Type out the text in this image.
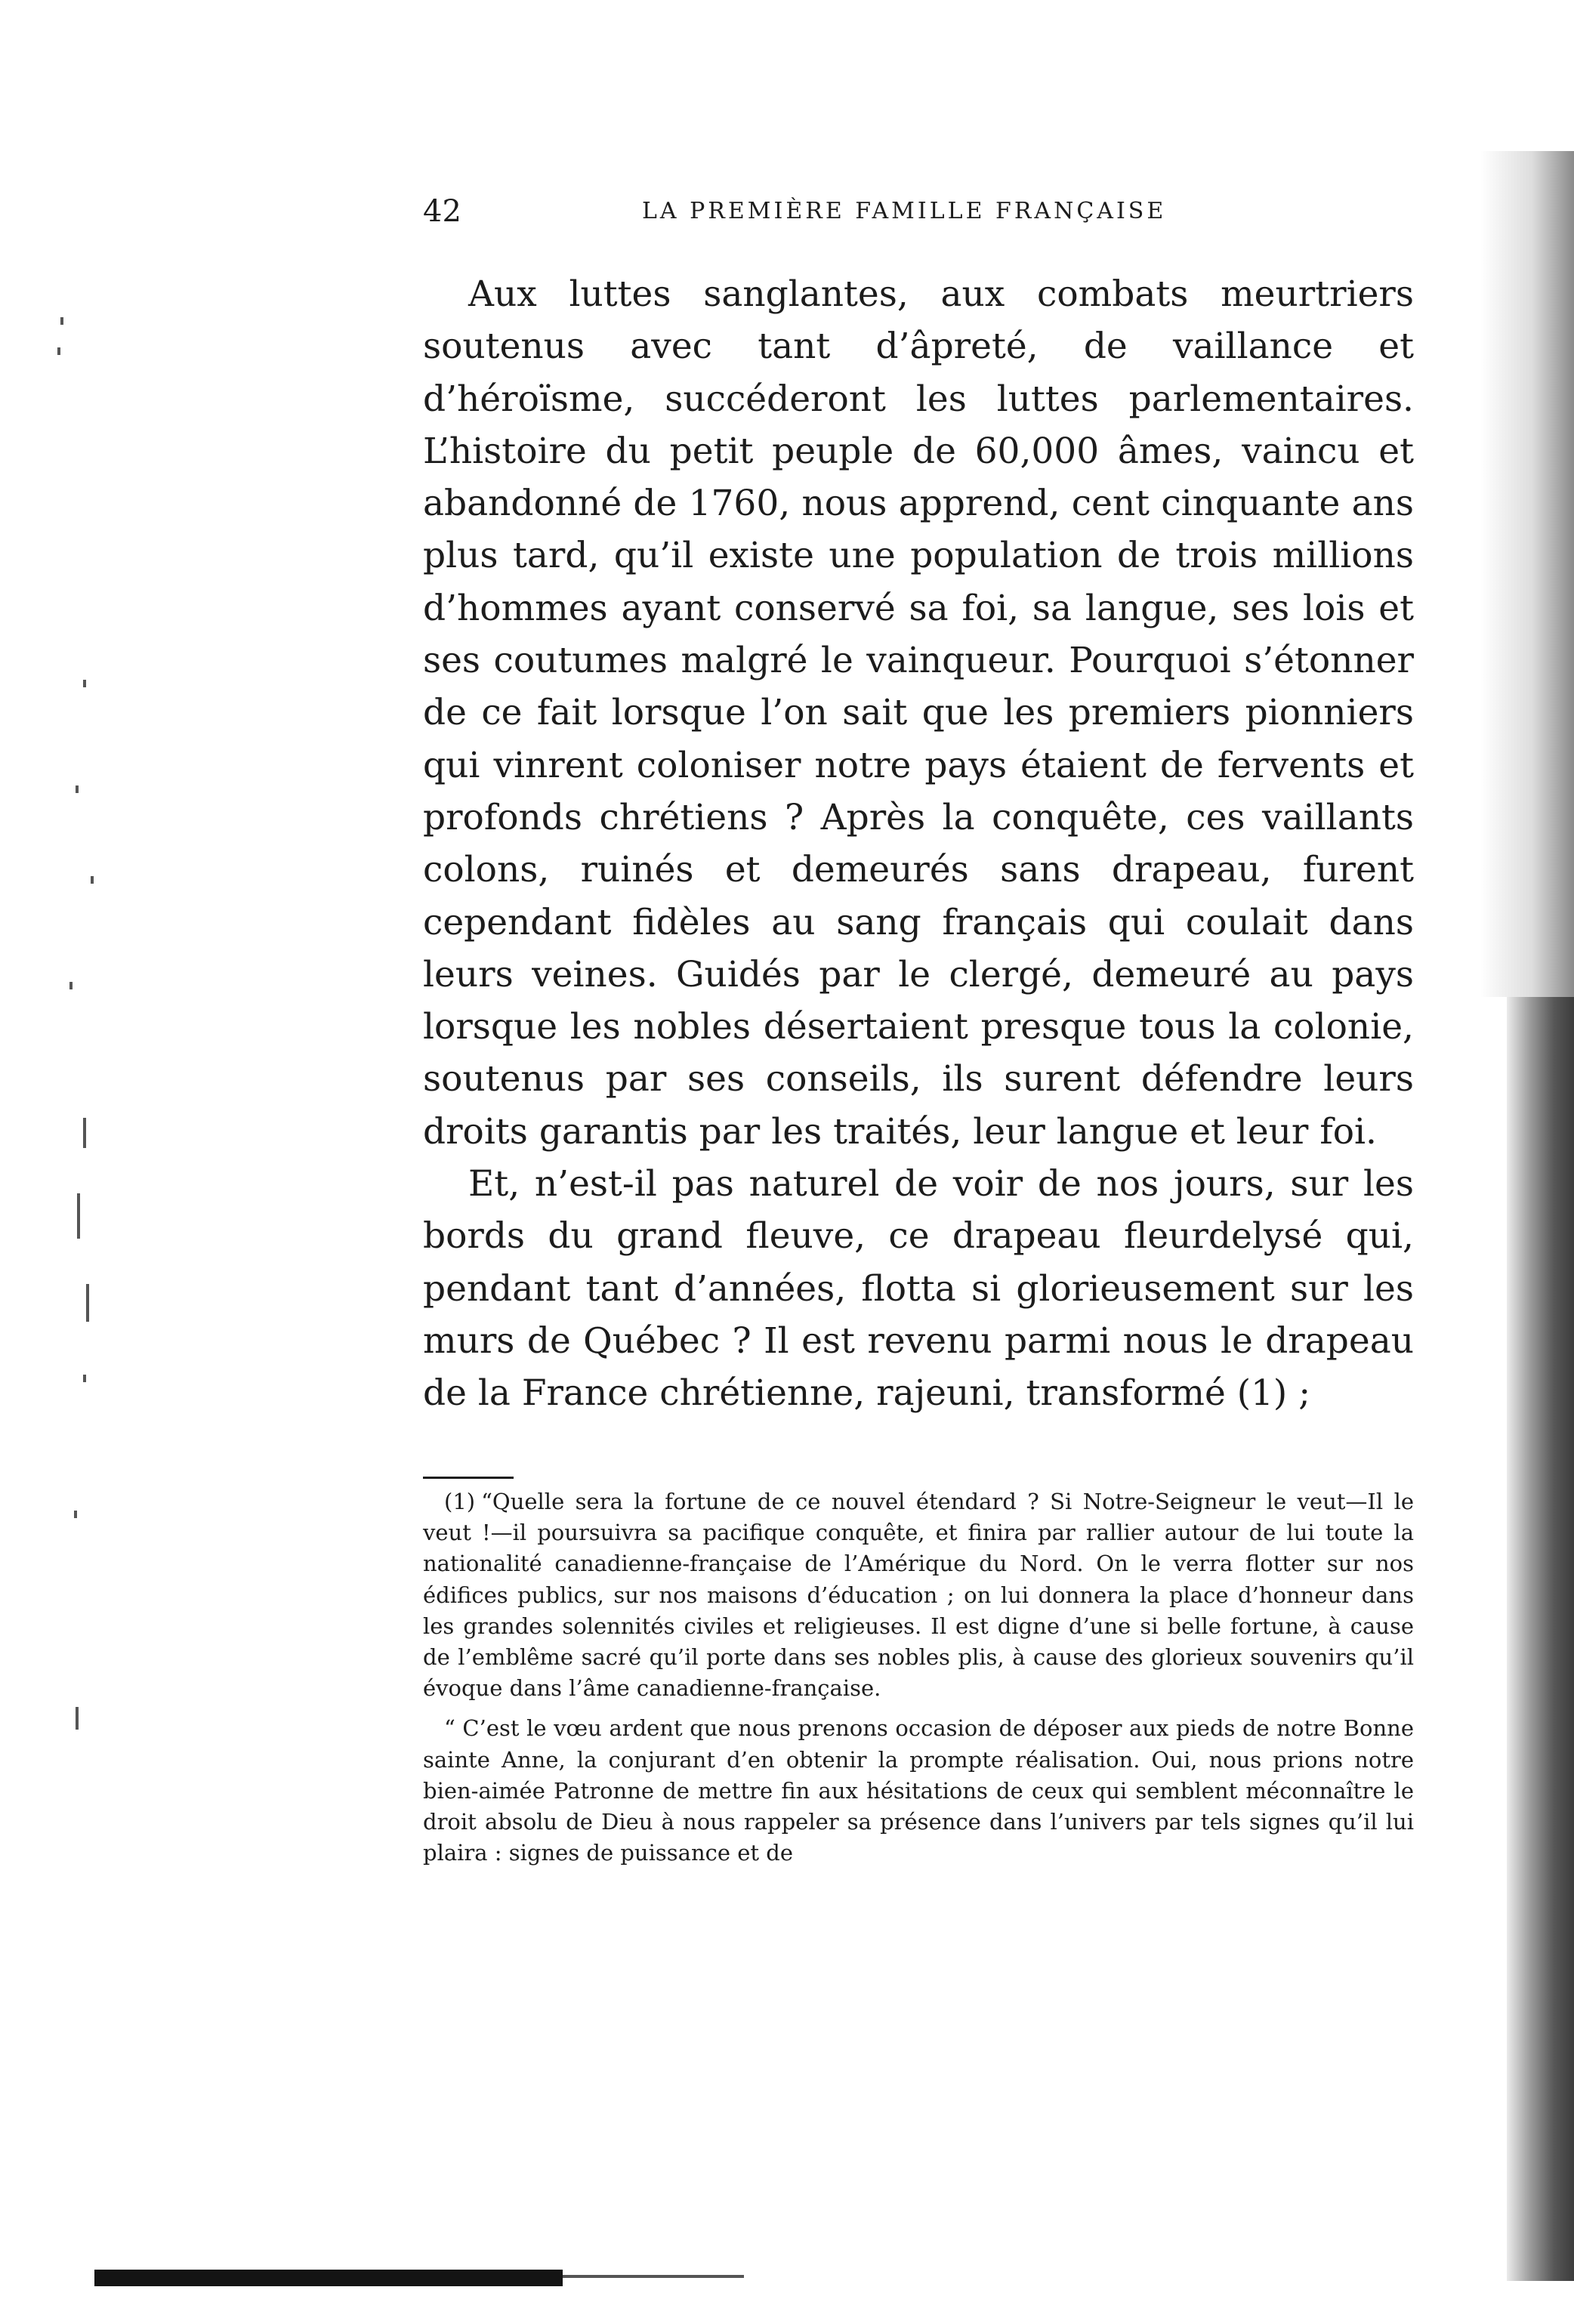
42	LA PREMIÈRE FAMILLE FRANÇAISE

Aux luttes sanglantes, aux combats meurtriers soutenus avec tant d’âpreté, de vaillance et d’héroïsme, succéderont les luttes parlementaires. L’histoire du petit peuple de 60,000 âmes, vaincu et abandonné de 1760, nous apprend, cent cinquante ans plus tard, qu’il existe une population de trois millions d’hommes ayant conservé sa foi, sa langue, ses lois et ses coutumes malgré le vainqueur. Pourquoi s’étonner de ce fait lorsque l’on sait que les premiers pionniers qui vinrent coloniser notre pays étaient de fervents et profonds chrétiens ? Après la conquête, ces vaillants colons, ruinés et demeurés sans drapeau, furent cependant fidèles au sang français qui coulait dans leurs veines. Guidés par le clergé, demeuré au pays lorsque les nobles désertaient presque tous la colonie, soutenus par ses conseils, ils surent défendre leurs droits garantis par les traités, leur langue et leur foi.

Et, n’est-il pas naturel de voir de nos jours, sur les bords du grand fleuve, ce drapeau fleurdelysé qui, pendant tant d’années, flotta si glorieusement sur les murs de Québec ? Il est revenu parmi nous le drapeau de la France chrétienne, rajeuni, transformé (1) ;

(1) “Quelle sera la fortune de ce nouvel étendard ? Si Notre-Seigneur le veut—Il le veut !—il poursuivra sa pacifique conquête, et finira par rallier autour de lui toute la nationalité canadienne-française de l’Amérique du Nord. On le verra flotter sur nos édifices publics, sur nos maisons d’éducation ; on lui donnera la place d’honneur dans les grandes solennités civiles et religieuses. Il est digne d’une si belle fortune, à cause de l’emblême sacré qu’il porte dans ses nobles plis, à cause des glorieux souvenirs qu’il évoque dans l’âme canadienne-française.

“ C’est le vœu ardent que nous prenons occasion de déposer aux pieds de notre Bonne sainte Anne, la conjurant d’en obtenir la prompte réalisation. Oui, nous prions notre bien-aimée Patronne de mettre fin aux hésitations de ceux qui semblent méconnaître le droit absolu de Dieu à nous rappeler sa présence dans l’univers par tels signes qu’il lui plaira : signes de puissance et de
